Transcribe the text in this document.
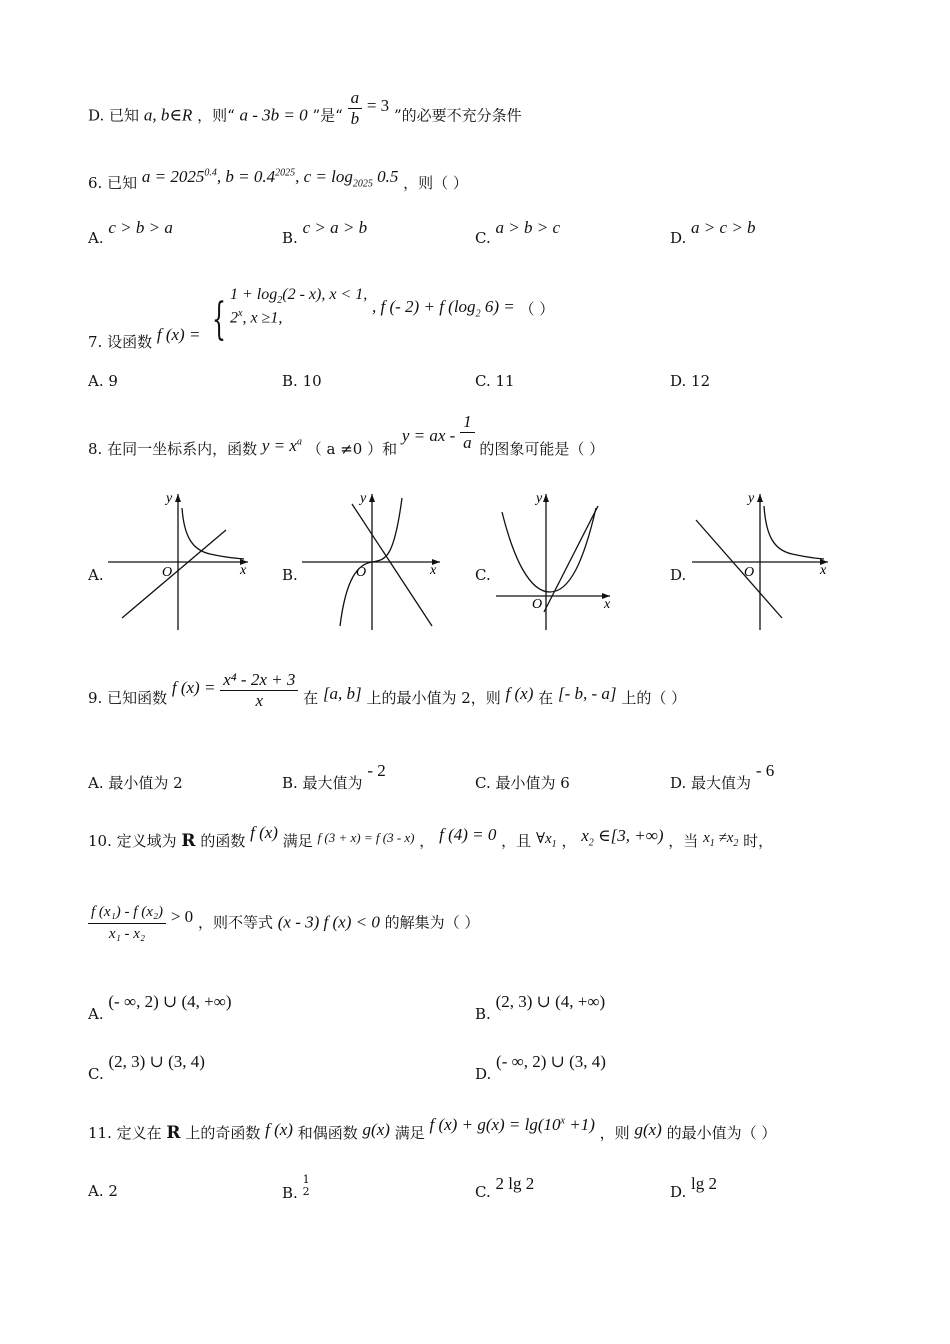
D. 已知 a, b∈R ，则“ a - 3b = 0 ”是“ $\frac{a}{b} = 3$ ”的必要不充分条件
6. 已知 $a = 2025^{0.4}$, $b = 0.4^{2025}$, $c = \log_{2025} 0.5$ ，则（ ）
A. c > b > a
B. c > a > b
C. a > b > c
D. a > c > b
7. 设函数 f (x) = { $1 + \log_2(2 - x)$, x < 1,
2$^x$, x ≥1,
, f (- 2) + f ($\log_2$ 6) = （ ）
A. 9	B. 10	C. 11	D. 12
8. 在同一坐标系内，函数 $y = x^a$ （ a ≠0 ）和 y = ax - $\frac{1}{a}$ 的图象可能是（ ）
A.	x
y
O	B.	x
y
O	C.
x
y
O
D.	x
y
O
9. 已知函数 f $(x) = \frac{\text{x⁴ - 2x + 3}}{x}$ 在 [a, b] 上的最小值为 2，则 f (x) 在 [- b, - a] 上的（ ）
A. 最小值为 2	B. 最大值为 - 2
C. 最小值为 6	D. 最大值为 - 6
10. 定义域为 R 的函数 f (x) 满足 f (3 + x) = f (3 - x) ， f (4) = 0 ，且 $\forall x_1$ ， $x_2$ ∈[3, +∞) ，当 $x_1 \ne x_2$ 时，
$\frac{\text{f (x₁) - f (x₂)}}{\text{x₁ - x₂}} > 0$ ，则不等式 (x - 3) f (x) < 0 的解集为（ ）
A. (- ∞, 2) ∪ (4, +∞)
B. (2, 3) ∪ (4, +∞)
C. (2, 3) ∪ (3, 4)
D. (- ∞, 2) ∪ (3, 4)
11. 定义在 R 上的奇函数 f (x) 和偶函数 g(x) 满足 f $(x) + g(x) = \lg(10^x +1)$ ，则 g(x) 的最小值为（ ）
A. 2	B.
1
2	C. 2 lg 2	D. lg 2
